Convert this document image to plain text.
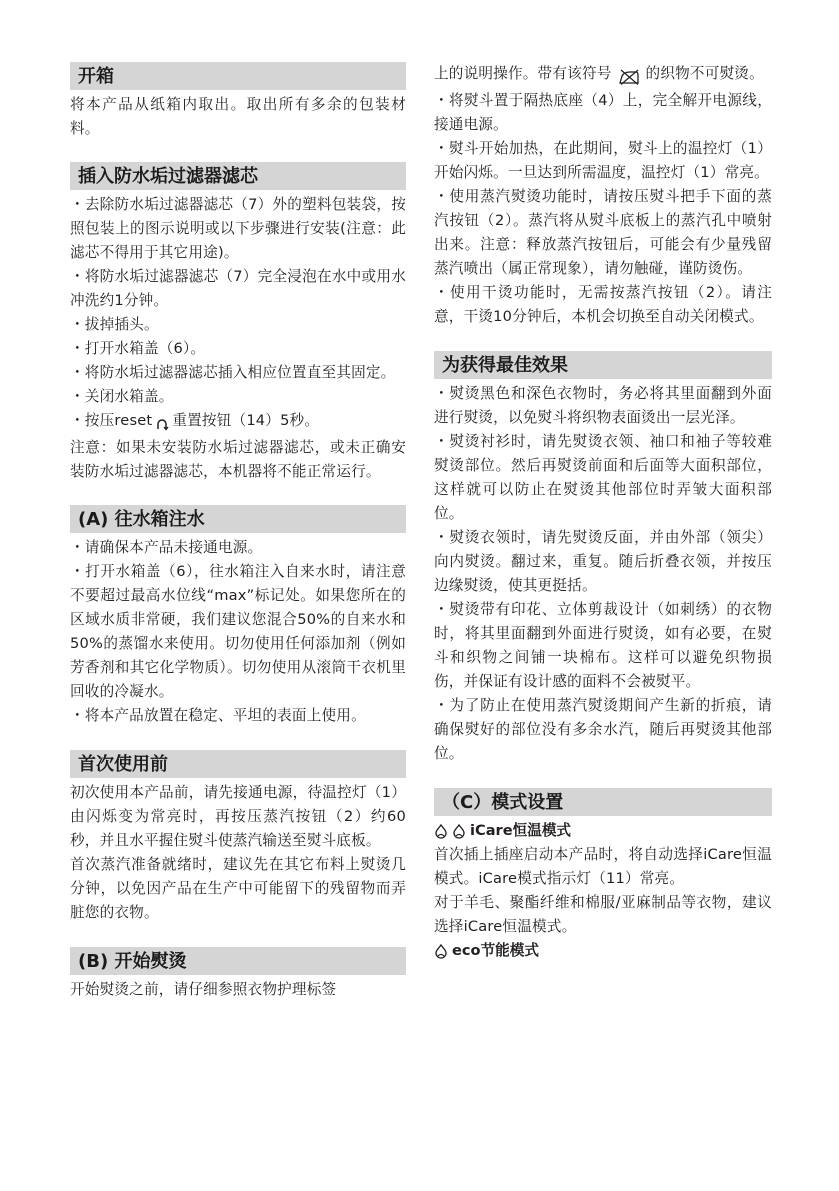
开箱

将本产品从纸箱内取出。取出所有多余的包装材料。

插入防水垢过滤器滤芯

・去除防水垢过滤器滤芯（7）外的塑料包装袋，按照包装上的图示说明或以下步骤进行安装(注意：此滤芯不得用于其它用途)。

・将防水垢过滤器滤芯（7）完全浸泡在水中或用水冲洗约1分钟。

・拔掉插头。

・打开水箱盖（6）。

・将防水垢过滤器滤芯插入相应位置直至其固定。

・关闭水箱盖。

・按压reset 重置按钮（14）5秒。

注意：如果未安装防水垢过滤器滤芯，或未正确安装防水垢过滤器滤芯，本机器将不能正常运行。

(A) 往水箱注水

・请确保本产品未接通电源。

・打开水箱盖（6），往水箱注入自来水时，请注意不要超过最高水位线“max”标记处。如果您所在的区域水质非常硬，我们建议您混合50%的自来水和50%的蒸馏水来使用。切勿使用任何添加剂（例如芳香剂和其它化学物质）。切勿使用从滚筒干衣机里回收的冷凝水。

・将本产品放置在稳定、平坦的表面上使用。

首次使用前

初次使用本产品前，请先接通电源，待温控灯（1）由闪烁变为常亮时，再按压蒸汽按钮（2）约60秒，并且水平握住熨斗使蒸汽输送至熨斗底板。

首次蒸汽准备就绪时，建议先在其它布料上熨烫几分钟，以免因产品在生产中可能留下的残留物而弄脏您的衣物。

(B) 开始熨烫

开始熨烫之前，请仔细参照衣物护理标签

上的说明操作。带有该符号 的织物不可熨烫。

・将熨斗置于隔热底座（4）上，完全解开电源线，接通电源。

・熨斗开始加热，在此期间，熨斗上的温控灯（1）开始闪烁。一旦达到所需温度，温控灯（1）常亮。

・使用蒸汽熨烫功能时，请按压熨斗把手下面的蒸汽按钮（2）。蒸汽将从熨斗底板上的蒸汽孔中喷射出来。注意：释放蒸汽按钮后，可能会有少量残留蒸汽喷出（属正常现象），请勿触碰，谨防烫伤。

・使用干烫功能时，无需按蒸汽按钮（2）。请注意，干烫10分钟后，本机会切换至自动关闭模式。

为获得最佳效果

・熨烫黑色和深色衣物时，务必将其里面翻到外面进行熨烫，以免熨斗将织物表面烫出一层光泽。

・熨烫衬衫时，请先熨烫衣领、袖口和袖子等较难熨烫部位。然后再熨烫前面和后面等大面积部位，这样就可以防止在熨烫其他部位时弄皱大面积部位。

・熨烫衣领时，请先熨烫反面，并由外部（领尖）向内熨烫。翻过来，重复。随后折叠衣领，并按压边缘熨烫，使其更挺括。

・熨烫带有印花、立体剪裁设计（如刺绣）的衣物时，将其里面翻到外面进行熨烫，如有必要，在熨斗和织物之间铺一块棉布。这样可以避免织物损伤，并保证有设计感的面料不会被熨平。

・为了防止在使用蒸汽熨烫期间产生新的折痕，请确保熨好的部位没有多余水汽，随后再熨烫其他部位。

（C）模式设置
iCare恒温模式

首次插上插座启动本产品时，将自动选择iCare恒温模式。iCare模式指示灯（11）常亮。

对于羊毛、聚酯纤维和棉服/亚麻制品等衣物，建议选择iCare恒温模式。

eco节能模式
